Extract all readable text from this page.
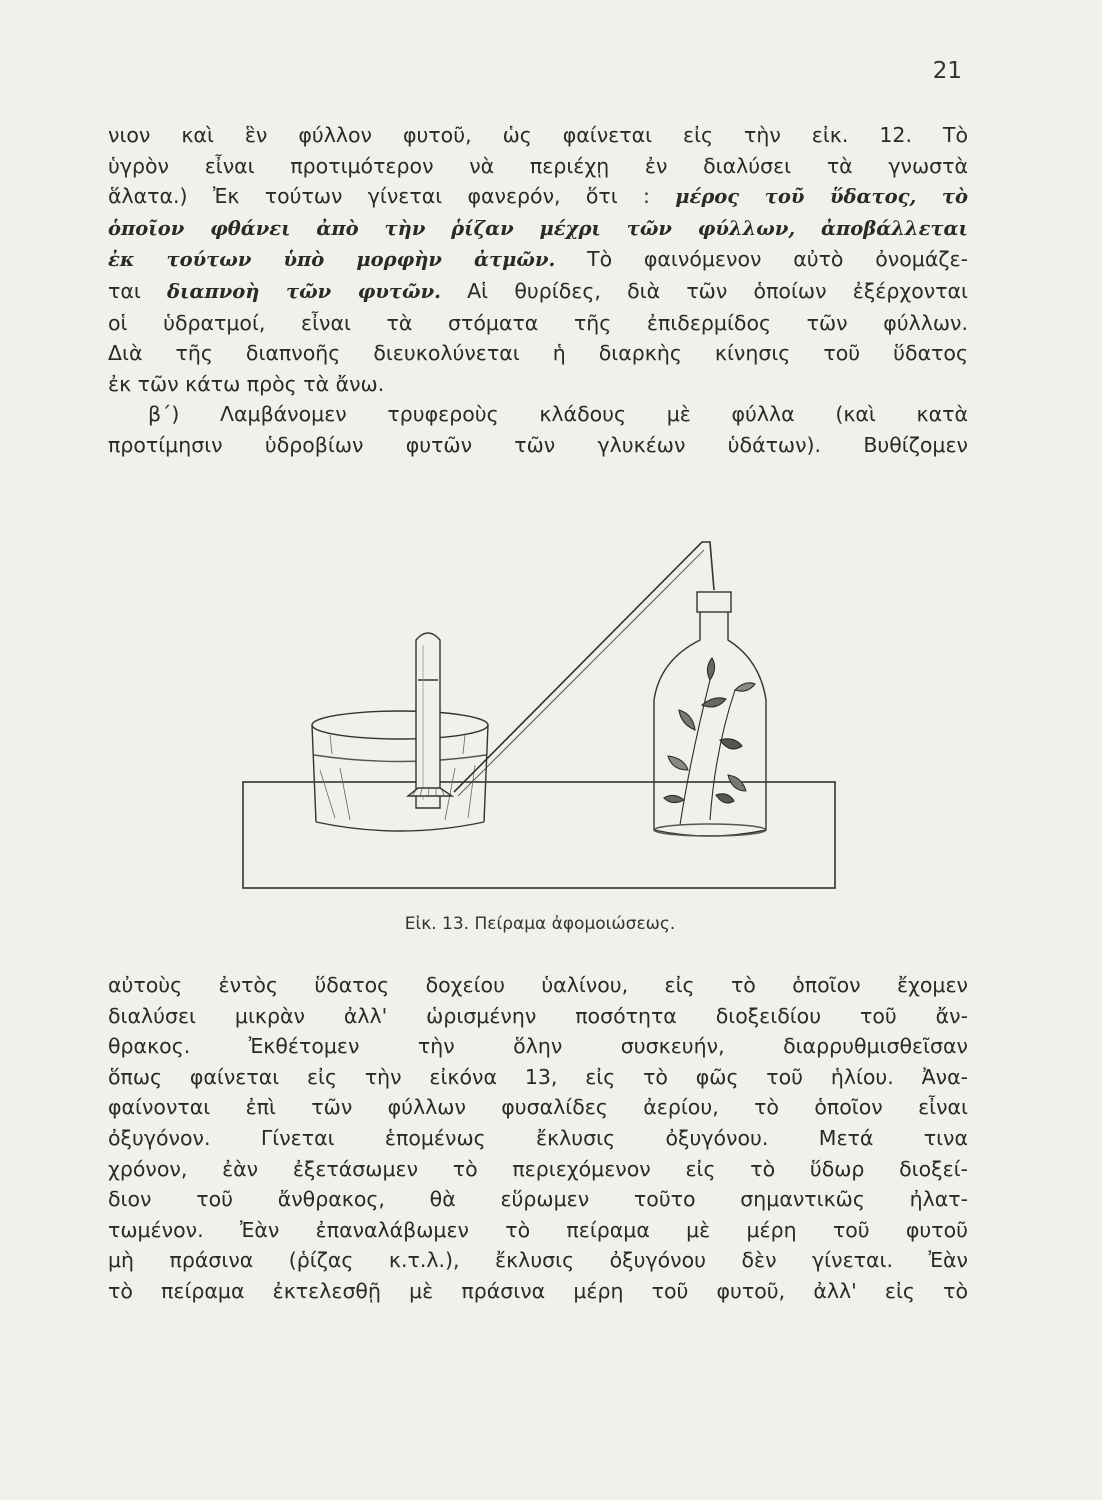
21
νιον καὶ ἓν φύλλον φυτοῦ, ὡς φαίνεται εἰς τὴν εἰκ. 12. Τὸ
ὑγρὸν εἶναι προτιμότερον νὰ περιέχῃ ἐν διαλύσει τὰ γνωστὰ
ἅλατα.) Ἐκ τούτων γίνεται φανερόν, ὅτι : μέρος τοῦ ὕδατος, τὸ
ὁποῖον φθάνει ἀπὸ τὴν ῥίζαν μέχρι τῶν φύλλων, ἀποβάλλεται
ἐκ τούτων ὑπὸ μορφὴν ἀτμῶν. Τὸ φαινόμενον αὐτὸ ὀνομάζε-
ται διαπνοὴ τῶν φυτῶν. Αἱ θυρίδες, διὰ τῶν ὁποίων ἐξέρχονται
οἱ ὑδρατμοί, εἶναι τὰ στόματα τῆς ἐπιδερμίδος τῶν φύλλων.
Διὰ τῆς διαπνοῆς διευκολύνεται ἡ διαρκὴς κίνησις τοῦ ὕδατος
ἐκ τῶν κάτω πρὸς τὰ ἄνω.
β΄) Λαμβάνομεν τρυφεροὺς κλάδους μὲ φύλλα (καὶ κατὰ
προτίμησιν ὑδροβίων φυτῶν τῶν γλυκέων ὑδάτων). Βυθίζομεν
Εἰκ. 13. Πείραμα ἀφομοιώσεως.
αὐτοὺς ἐντὸς ὕδατος δοχείου ὑαλίνου, εἰς τὸ ὁποῖον ἔχομεν
διαλύσει μικρὰν ἀλλ' ὡρισμένην ποσότητα διοξειδίου τοῦ ἄν-
θρακος. Ἐκθέτομεν τὴν ὅλην συσκευήν, διαρρυθμισθεῖσαν
ὅπως φαίνεται εἰς τὴν εἰκόνα 13, εἰς τὸ φῶς τοῦ ἡλίου. Ἀνα-
φαίνονται ἐπὶ τῶν φύλλων φυσαλίδες ἀερίου, τὸ ὁποῖον εἶναι
ὀξυγόνον. Γίνεται ἑπομένως ἔκλυσις ὀξυγόνου. Μετά τινα
χρόνον, ἐὰν ἐξετάσωμεν τὸ περιεχόμενον εἰς τὸ ὕδωρ διοξεί-
διον τοῦ ἄνθρακος, θὰ εὕρωμεν τοῦτο σημαντικῶς ἠλατ-
τωμένον. Ἐὰν ἐπαναλάβωμεν τὸ πείραμα μὲ μέρη τοῦ φυτοῦ
μὴ πράσινα (ῥίζας κ.τ.λ.), ἔκλυσις ὀξυγόνου δὲν γίνεται. Ἐὰν
τὸ πείραμα ἐκτελεσθῇ μὲ πράσινα μέρη τοῦ φυτοῦ, ἀλλ' εἰς τὸ
